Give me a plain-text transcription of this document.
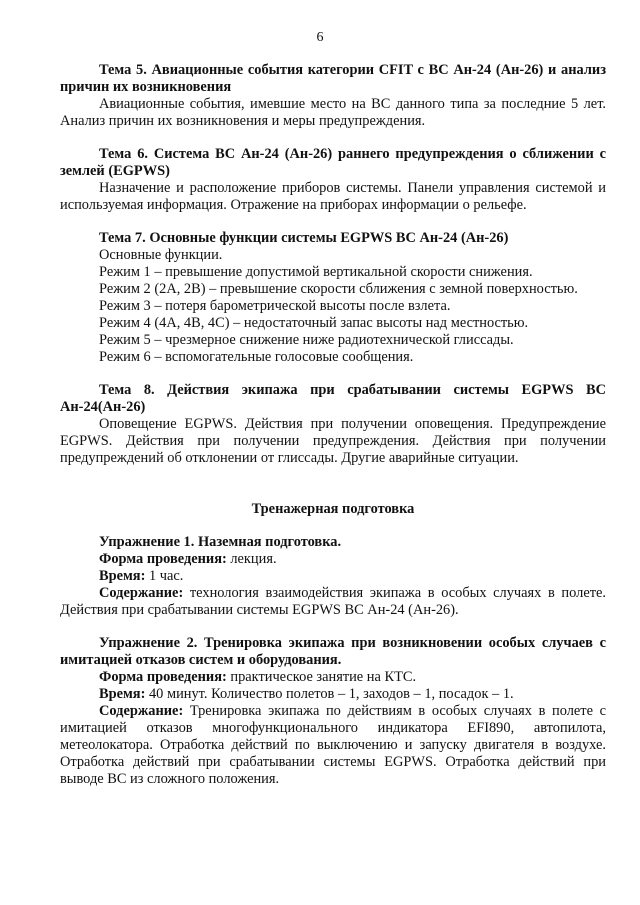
6

Тема 5. Авиационные события категории CFIT с ВС Ан-24 (Ан-26) и анализ причин их возникновения

Авиационные события, имевшие место на ВС данного типа за последние 5 лет. Анализ причин их возникновения и меры предупреждения.

Тема 6. Система ВС Ан-24 (Ан-26) раннего предупреждения о сближении с землей (EGPWS)

Назначение и расположение приборов системы. Панели управления системой и используемая информация. Отражение на приборах информации о рельефе.

Тема 7. Основные функции системы EGPWS ВС Ан-24 (Ан-26)

Основные функции.

Режим 1 – превышение допустимой вертикальной скорости снижения.

Режим 2 (2А, 2В) – превышение скорости сближения с земной поверхностью.

Режим 3 – потеря барометрической высоты после взлета.

Режим 4 (4А, 4В, 4С) – недостаточный запас высоты над местностью.

Режим 5 – чрезмерное снижение ниже радиотехнической глиссады.

Режим 6 – вспомогательные голосовые сообщения.

Тема 8. Действия экипажа при срабатывании системы EGPWS ВС Ан-24(Ан-26)

Оповещение EGPWS. Действия при получении оповещения. Предупреждение EGPWS. Действия при получении предупреждения. Действия при получении предупреждений об отклонении от глиссады. Другие аварийные ситуации.

Тренажерная подготовка

Упражнение 1. Наземная подготовка.

Форма проведения: лекция.

Время: 1 час.

Содержание: технология взаимодействия экипажа в особых случаях в полете. Действия при срабатывании системы EGPWS ВС Ан-24 (Ан-26).

Упражнение 2. Тренировка экипажа при возникновении особых случаев с имитацией отказов систем и оборудования.

Форма проведения: практическое занятие на КТС.

Время: 40 минут. Количество полетов – 1, заходов – 1, посадок – 1.

Содержание: Тренировка экипажа по действиям в особых случаях в полете с имитацией отказов многофункционального индикатора EFI890, автопилота, метеолокатора. Отработка действий по выключению и запуску двигателя в воздухе. Отработка действий при срабатывании системы EGPWS. Отработка действий при выводе ВС из сложного положения.
